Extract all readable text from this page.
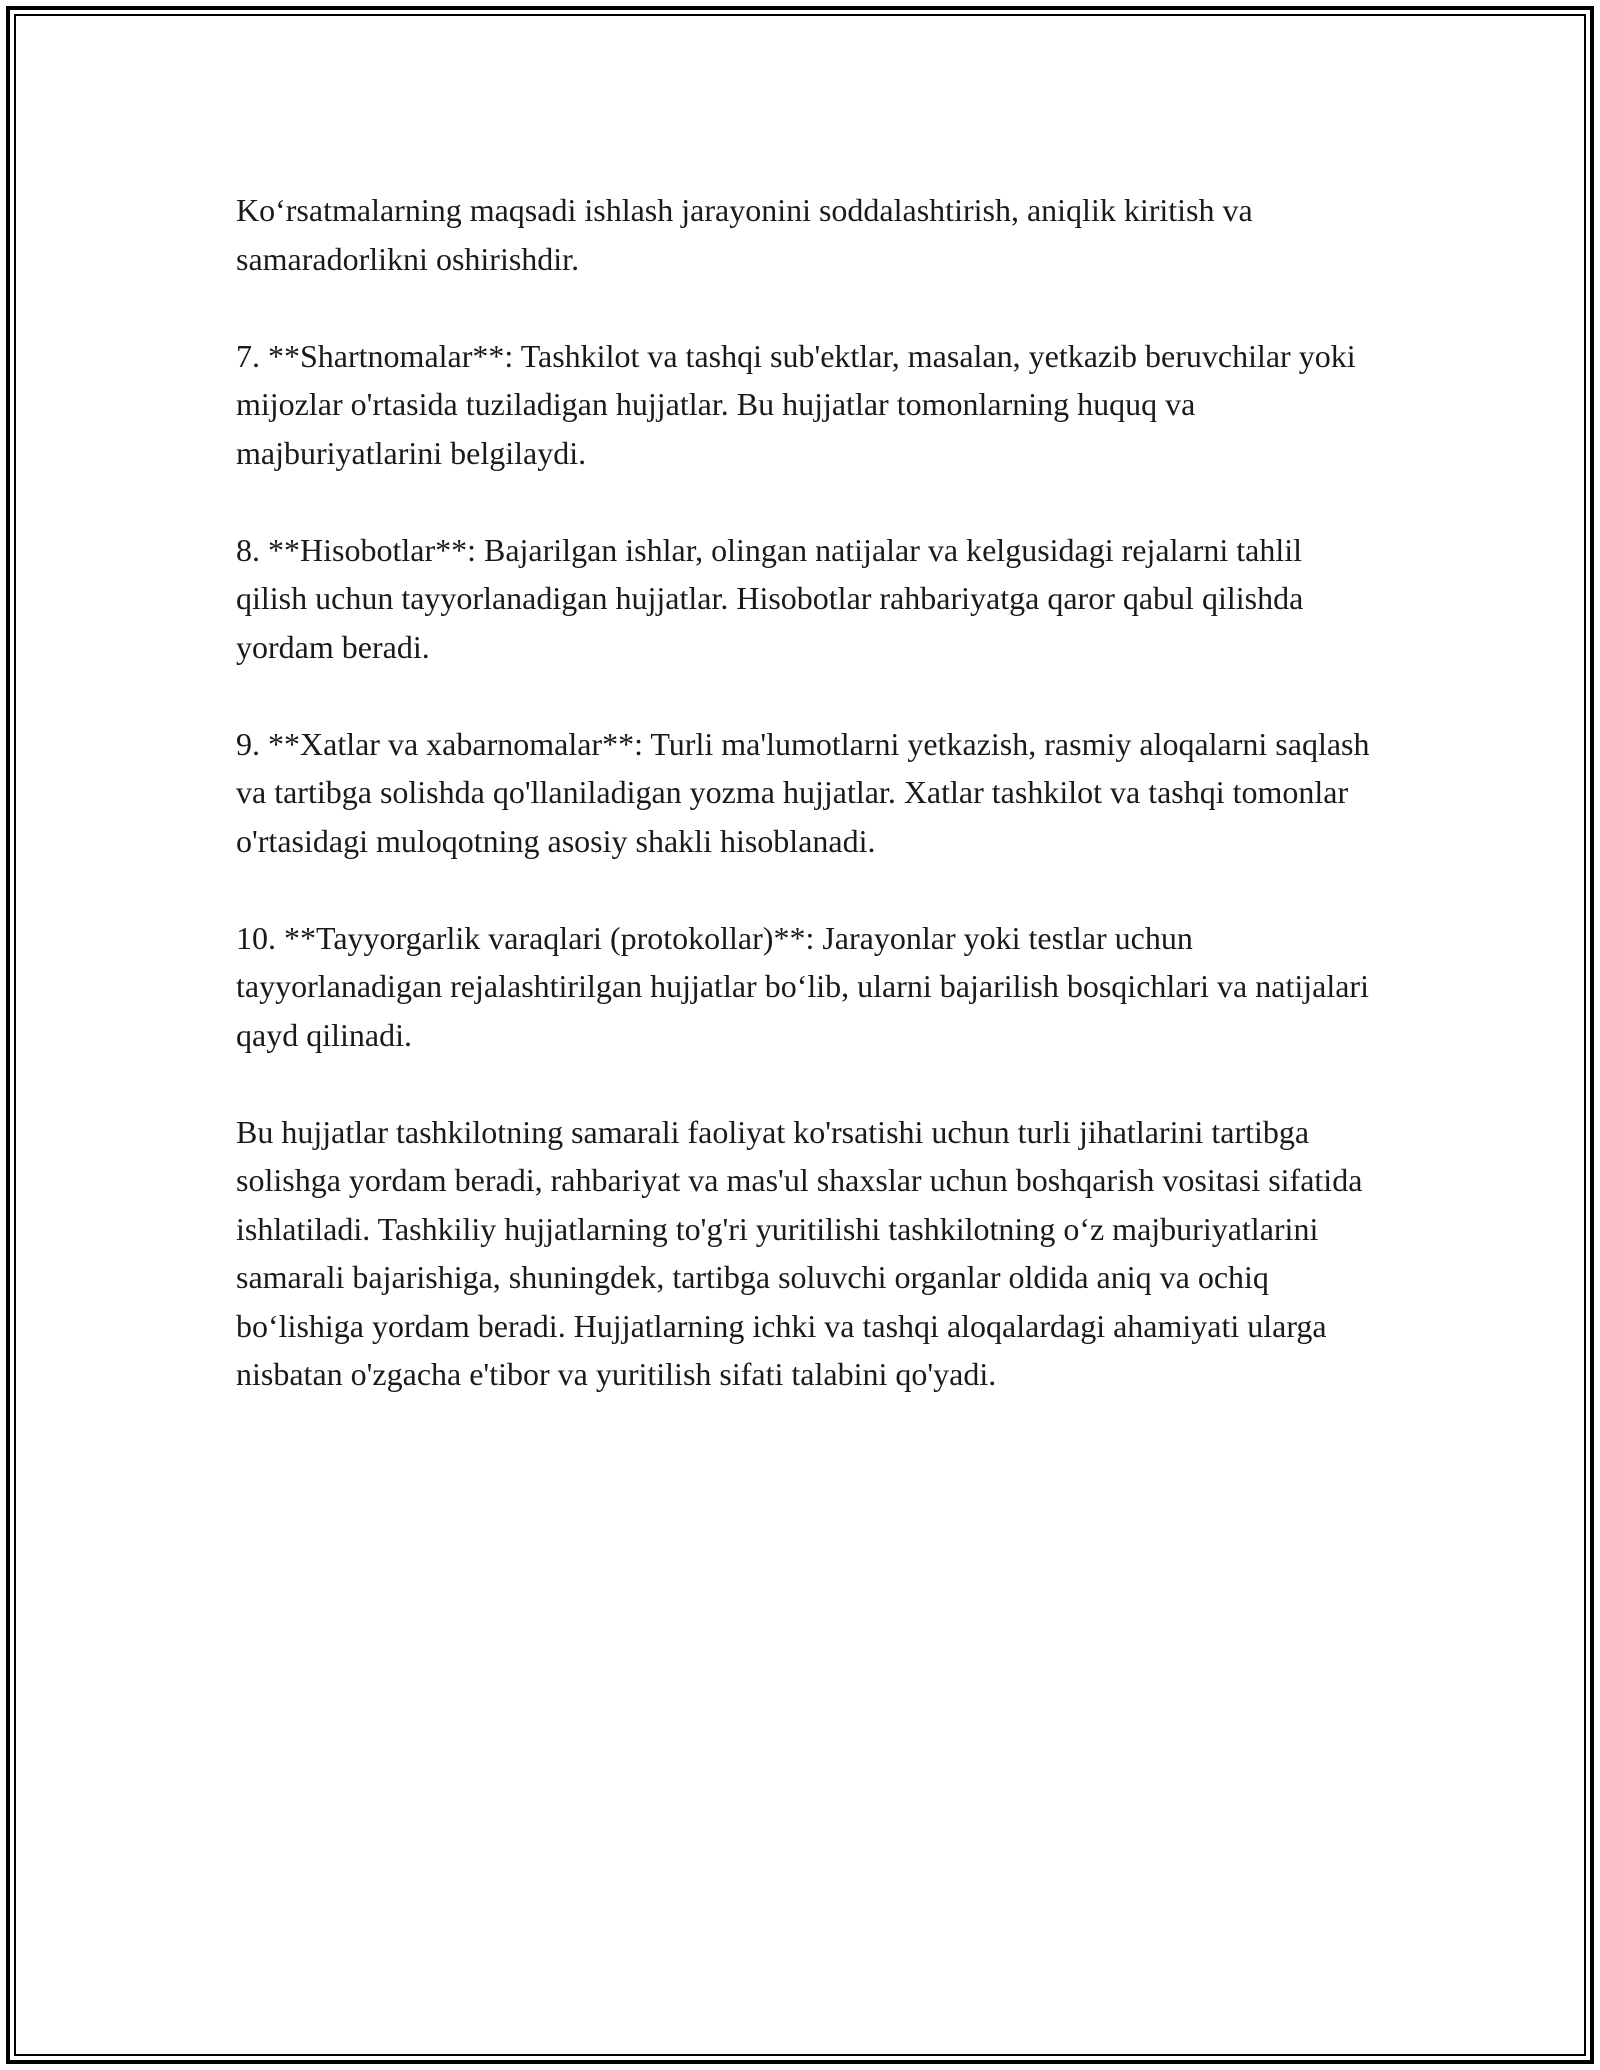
Ko‘rsatmalarning maqsadi ishlash jarayonini soddalashtirish, aniqlik kiritish va samaradorlikni oshirishdir.

7. **Shartnomalar**: Tashkilot va tashqi sub'ektlar, masalan, yetkazib beruvchilar yoki mijozlar o'rtasida tuziladigan hujjatlar. Bu hujjatlar tomonlarning huquq va majburiyatlarini belgilaydi.

8. **Hisobotlar**: Bajarilgan ishlar, olingan natijalar va kelgusidagi rejalarni tahlil qilish uchun tayyorlanadigan hujjatlar. Hisobotlar rahbariyatga qaror qabul qilishda yordam beradi.

9. **Xatlar va xabarnomalar**: Turli ma'lumotlarni yetkazish, rasmiy aloqalarni saqlash va tartibga solishda qo'llaniladigan yozma hujjatlar. Xatlar tashkilot va tashqi tomonlar o'rtasidagi muloqotning asosiy shakli hisoblanadi.

10. **Tayyorgarlik varaqlari (protokollar)**: Jarayonlar yoki testlar uchun tayyorlanadigan rejalashtirilgan hujjatlar bo‘lib, ularni bajarilish bosqichlari va natijalari qayd qilinadi.

Bu hujjatlar tashkilotning samarali faoliyat ko'rsatishi uchun turli jihatlarini tartibga solishga yordam beradi, rahbariyat va mas'ul shaxslar uchun boshqarish vositasi sifatida ishlatiladi. Tashkiliy hujjatlarning to'g'ri yuritilishi tashkilotning o‘z majburiyatlarini samarali bajarishiga, shuningdek, tartibga soluvchi organlar oldida aniq va ochiq bo‘lishiga yordam beradi. Hujjatlarning ichki va tashqi aloqalardagi ahamiyati ularga nisbatan o'zgacha e'tibor va yuritilish sifati talabini qo'yadi.
